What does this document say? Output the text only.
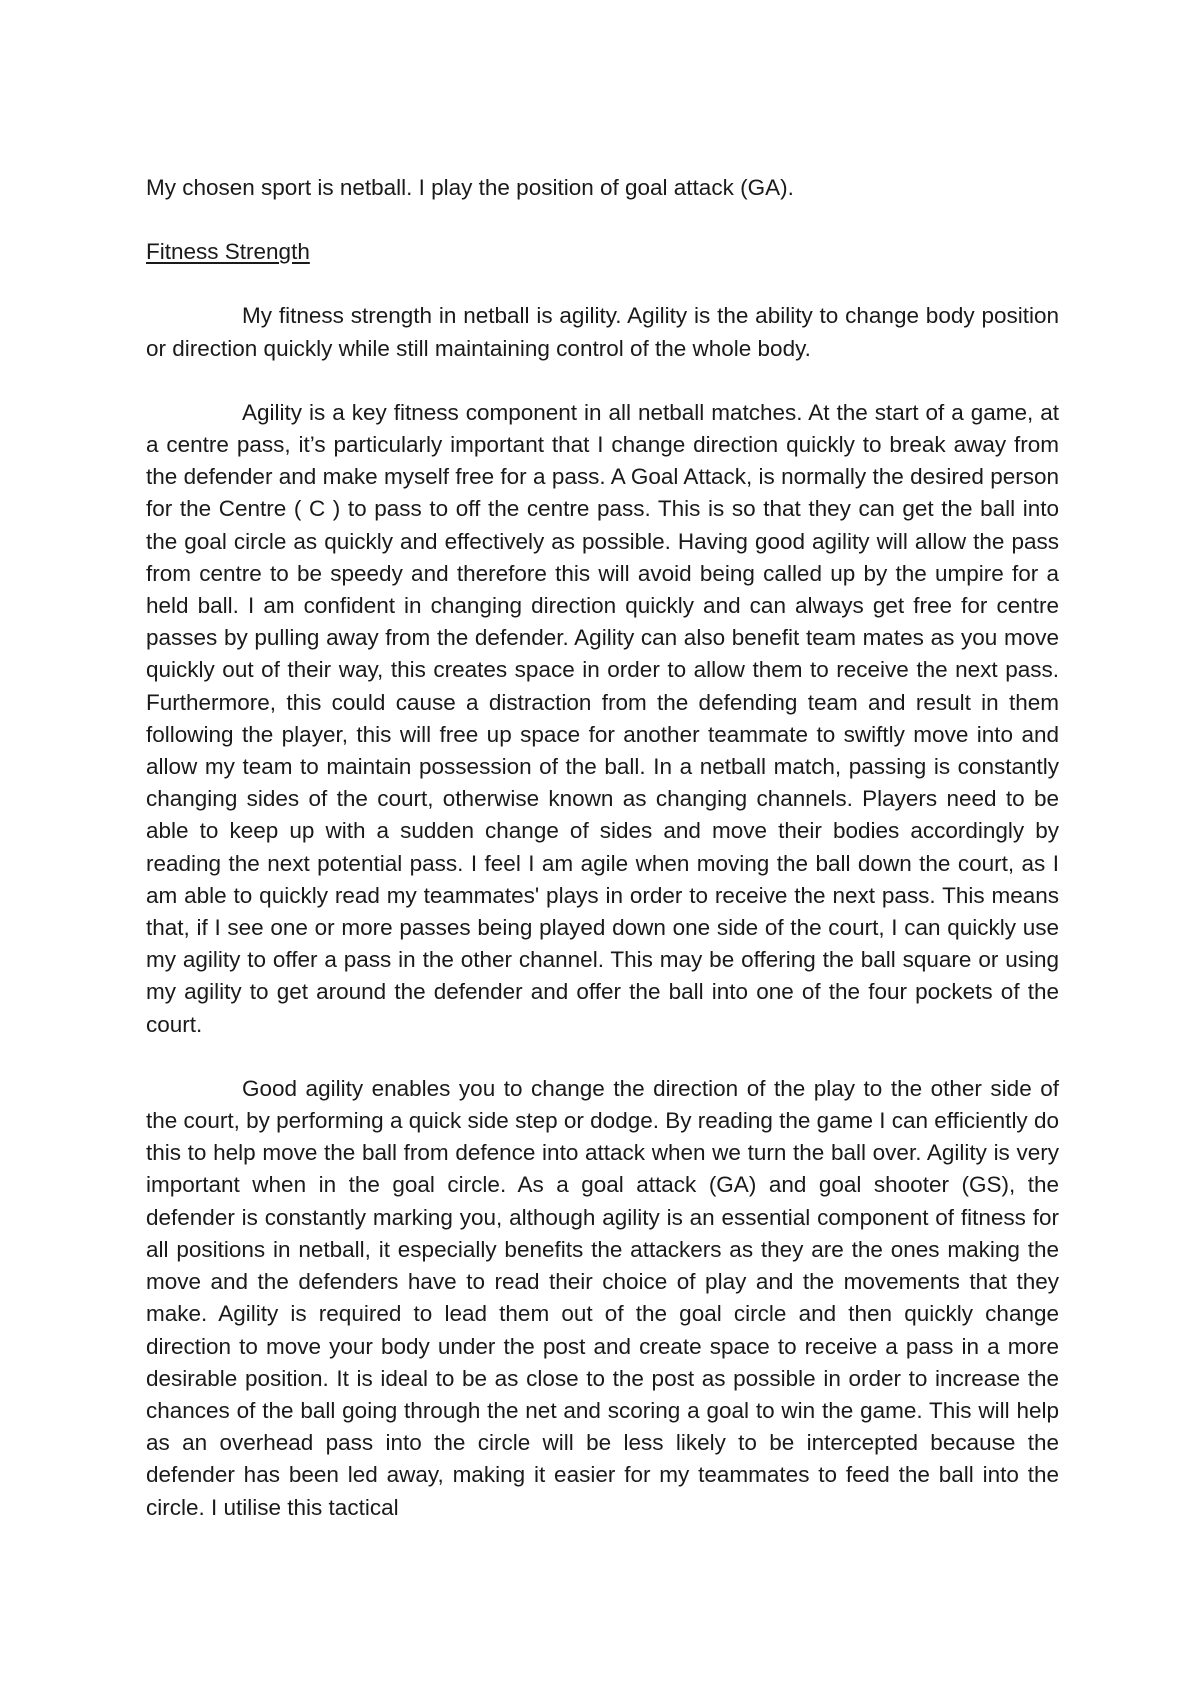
My chosen sport is netball. I play the position of goal attack (GA).

Fitness Strength

My fitness strength in netball is agility. Agility is the ability to change body position or direction quickly while still maintaining control of the whole body.

Agility is a key fitness component in all netball matches. At the start of a game, at a centre pass, it’s particularly important that I change direction quickly to break away from the defender and make myself free for a pass. A Goal Attack, is normally the desired person for the Centre ( C ) to pass to off the centre pass. This is so that they can get the ball into the goal circle as quickly and effectively as possible. Having good agility will allow the pass from centre to be speedy and therefore this will avoid being called up by the umpire for a held ball. I am confident in changing direction quickly and can always get free for centre passes by pulling away from the defender. Agility can also benefit team mates as you move quickly out of their way, this creates space in order to allow them to receive the next pass. Furthermore, this could cause a distraction from the defending team and result in them following the player, this will free up space for another teammate to swiftly move into and allow my team to maintain possession of the ball. In a netball match, passing is constantly changing sides of the court, otherwise known as changing channels. Players need to be able to keep up with a sudden change of sides and move their bodies accordingly by reading the next potential pass. I feel I am agile when moving the ball down the court, as I am able to quickly read my teammates' plays in order to receive the next pass. This means that, if I see one or more passes being played down one side of the court, I can quickly use my agility to offer a pass in the other channel. This may be offering the ball square or using my agility to get around the defender and offer the ball into one of the four pockets of the court.

Good agility enables you to change the direction of the play to the other side of the court, by performing a quick side step or dodge. By reading the game I can efficiently do this to help move the ball from defence into attack when we turn the ball over. Agility is very important when in the goal circle. As a goal attack (GA) and goal shooter (GS), the defender is constantly marking you, although agility is an essential component of fitness for all positions in netball, it especially benefits the attackers as they are the ones making the move and the defenders have to read their choice of play and the movements that they make. Agility is required to lead them out of the goal circle and then quickly change direction to move your body under the post and create space to receive a pass in a more desirable position. It is ideal to be as close to the post as possible in order to increase the chances of the ball going through the net and scoring a goal to win the game. This will help as an overhead pass into the circle will be less likely to be intercepted because the defender has been led away, making it easier for my teammates to feed the ball into the circle. I utilise this tactical
